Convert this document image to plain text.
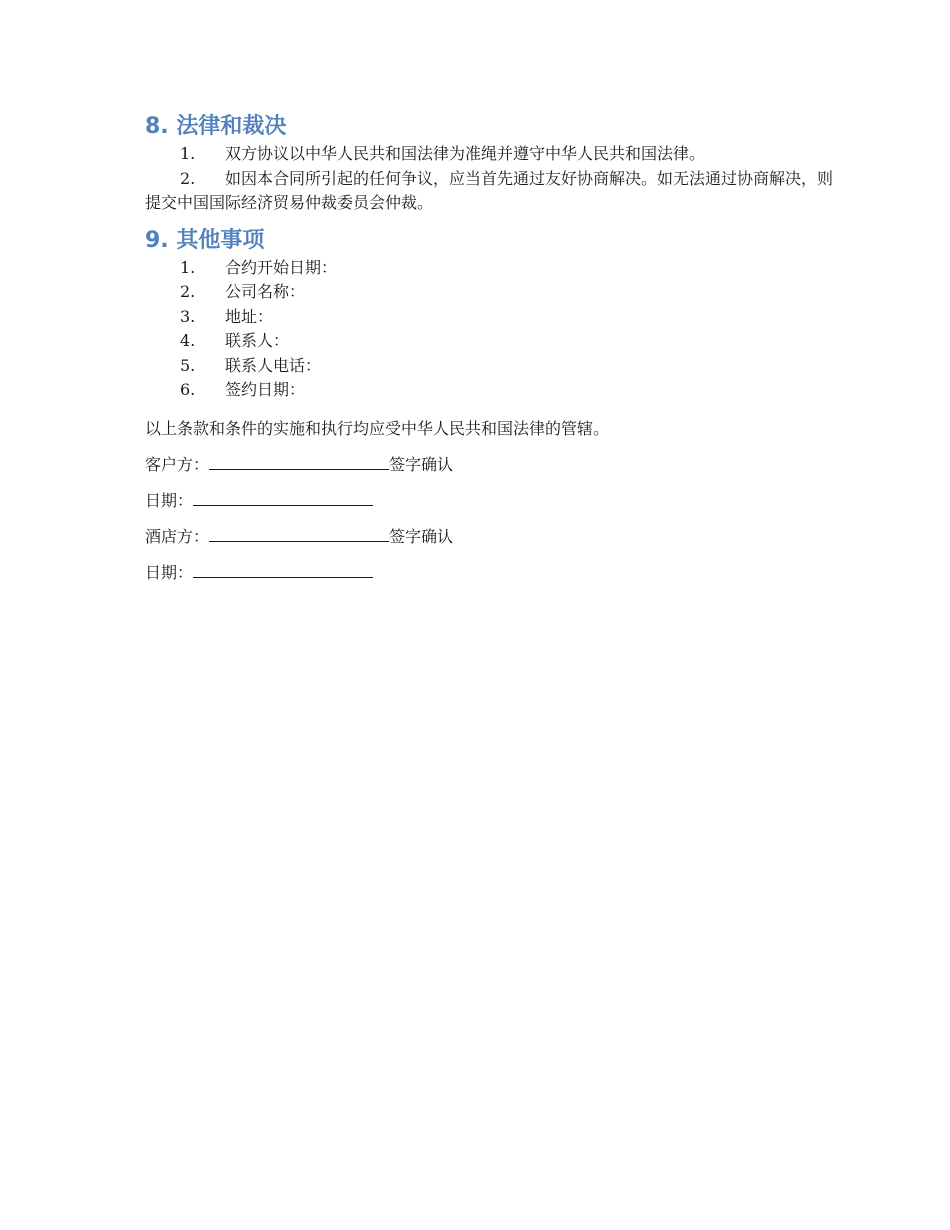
8. 法律和裁决
1. 双方协议以中华人民共和国法律为准绳并遵守中华人民共和国法律。
2. 如因本合同所引起的任何争议，应当首先通过友好协商解决。如无法通过协商解决，则提交中国国际经济贸易仲裁委员会仲裁。
9. 其他事项
1. 合约开始日期：
2. 公司名称：
3. 地址：
4. 联系人：
5. 联系人电话：
6. 签约日期：

以上条款和条件的实施和执行均应受中华人民共和国法律的管辖。

客户方：	签字确认

日期：

酒店方：	签字确认

日期：
